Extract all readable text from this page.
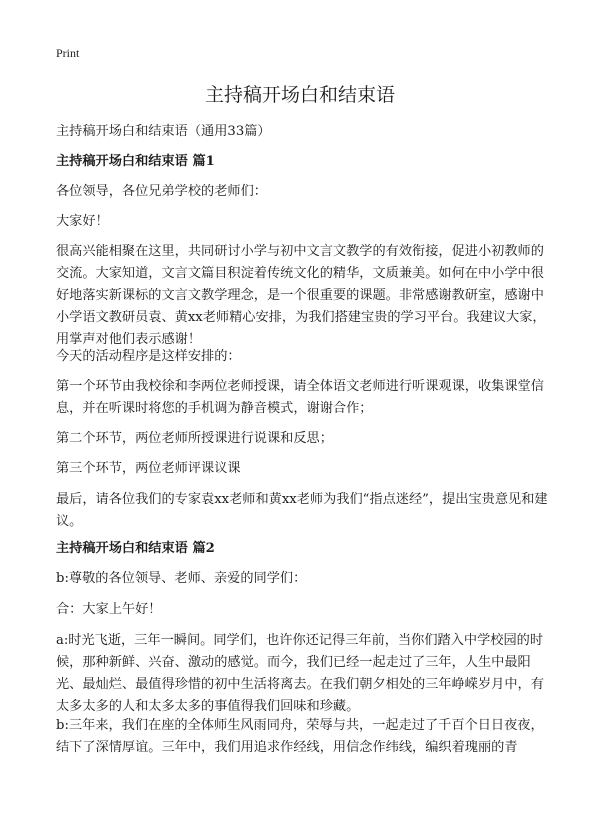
Print
主持稿开场白和结束语

主持稿开场白和结束语（通用33篇）

主持稿开场白和结束语 篇1

各位领导，各位兄弟学校的老师们：

大家好！

很高兴能相聚在这里，共同研讨小学与初中文言文教学的有效衔接，促进小初教师的交流。大家知道，文言文篇目积淀着传统文化的精华，文质兼美。如何在中小学中很好地落实新课标的文言文教学理念，是一个很重要的课题。非常感谢教研室，感谢中小学语文教研员袁、黄xx老师精心安排，为我们搭建宝贵的学习平台。我建议大家，用掌声对他们表示感谢！

今天的活动程序是这样安排的：

第一个环节由我校徐和李两位老师授课，请全体语文老师进行听课观课，收集课堂信息，并在听课时将您的手机调为静音模式，谢谢合作；

第二个环节，两位老师所授课进行说课和反思；

第三个环节，两位老师评课议课

最后，请各位我们的专家袁xx老师和黄xx老师为我们“指点迷经”，提出宝贵意见和建议。

主持稿开场白和结束语 篇2

b:尊敬的各位领导、老师、亲爱的同学们：

合：大家上午好！

a:时光飞逝，三年一瞬间。同学们，也许你还记得三年前，当你们踏入中学校园的时候，那种新鲜、兴奋、激动的感觉。而今，我们已经一起走过了三年，人生中最阳光、最灿烂、最值得珍惜的初中生活将离去。在我们朝夕相处的三年峥嵘岁月中，有太多太多的人和太多太多的事值得我们回味和珍藏。

b:三年来，我们在座的全体师生风雨同舟，荣辱与共，一起走过了千百个日日夜夜，结下了深情厚谊。三年中，我们用追求作经线，用信念作纬线，编织着瑰丽的青
